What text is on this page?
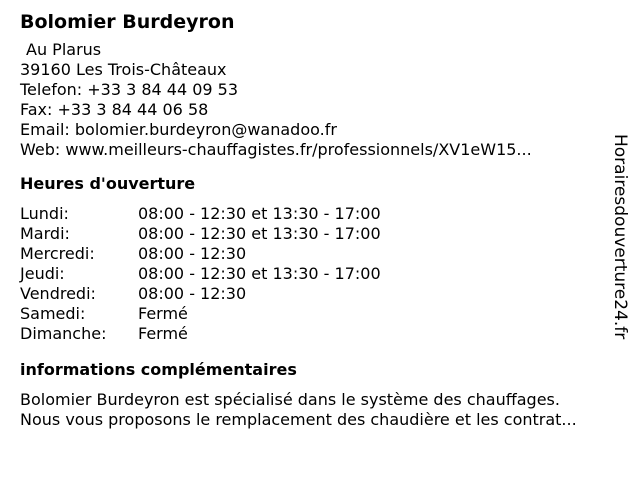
Bolomier Burdeyron
Au Plarus
39160 Les Trois-Châteaux
Telefon: +33 3 84 44 09 53
Fax: +33 3 84 44 06 58
Email: bolomier.burdeyron@wanadoo.fr
Web: www.meilleurs-chauffagistes.fr/professionnels/XV1eW15...
Heures d'ouverture
Lundi:	08:00 - 12:30 et 13:30 - 17:00
Mardi:	08:00 - 12:30 et 13:30 - 17:00
Mercredi:	08:00 - 12:30
Jeudi:	08:00 - 12:30 et 13:30 - 17:00
Vendredi:	08:00 - 12:30
Samedi:	Fermé
Dimanche:	Fermé
informations complémentaires
Bolomier Burdeyron est spécialisé dans le système des chauffages.
Nous vous proposons le remplacement des chaudière et les contrat...
Horairesdouverture24.fr
